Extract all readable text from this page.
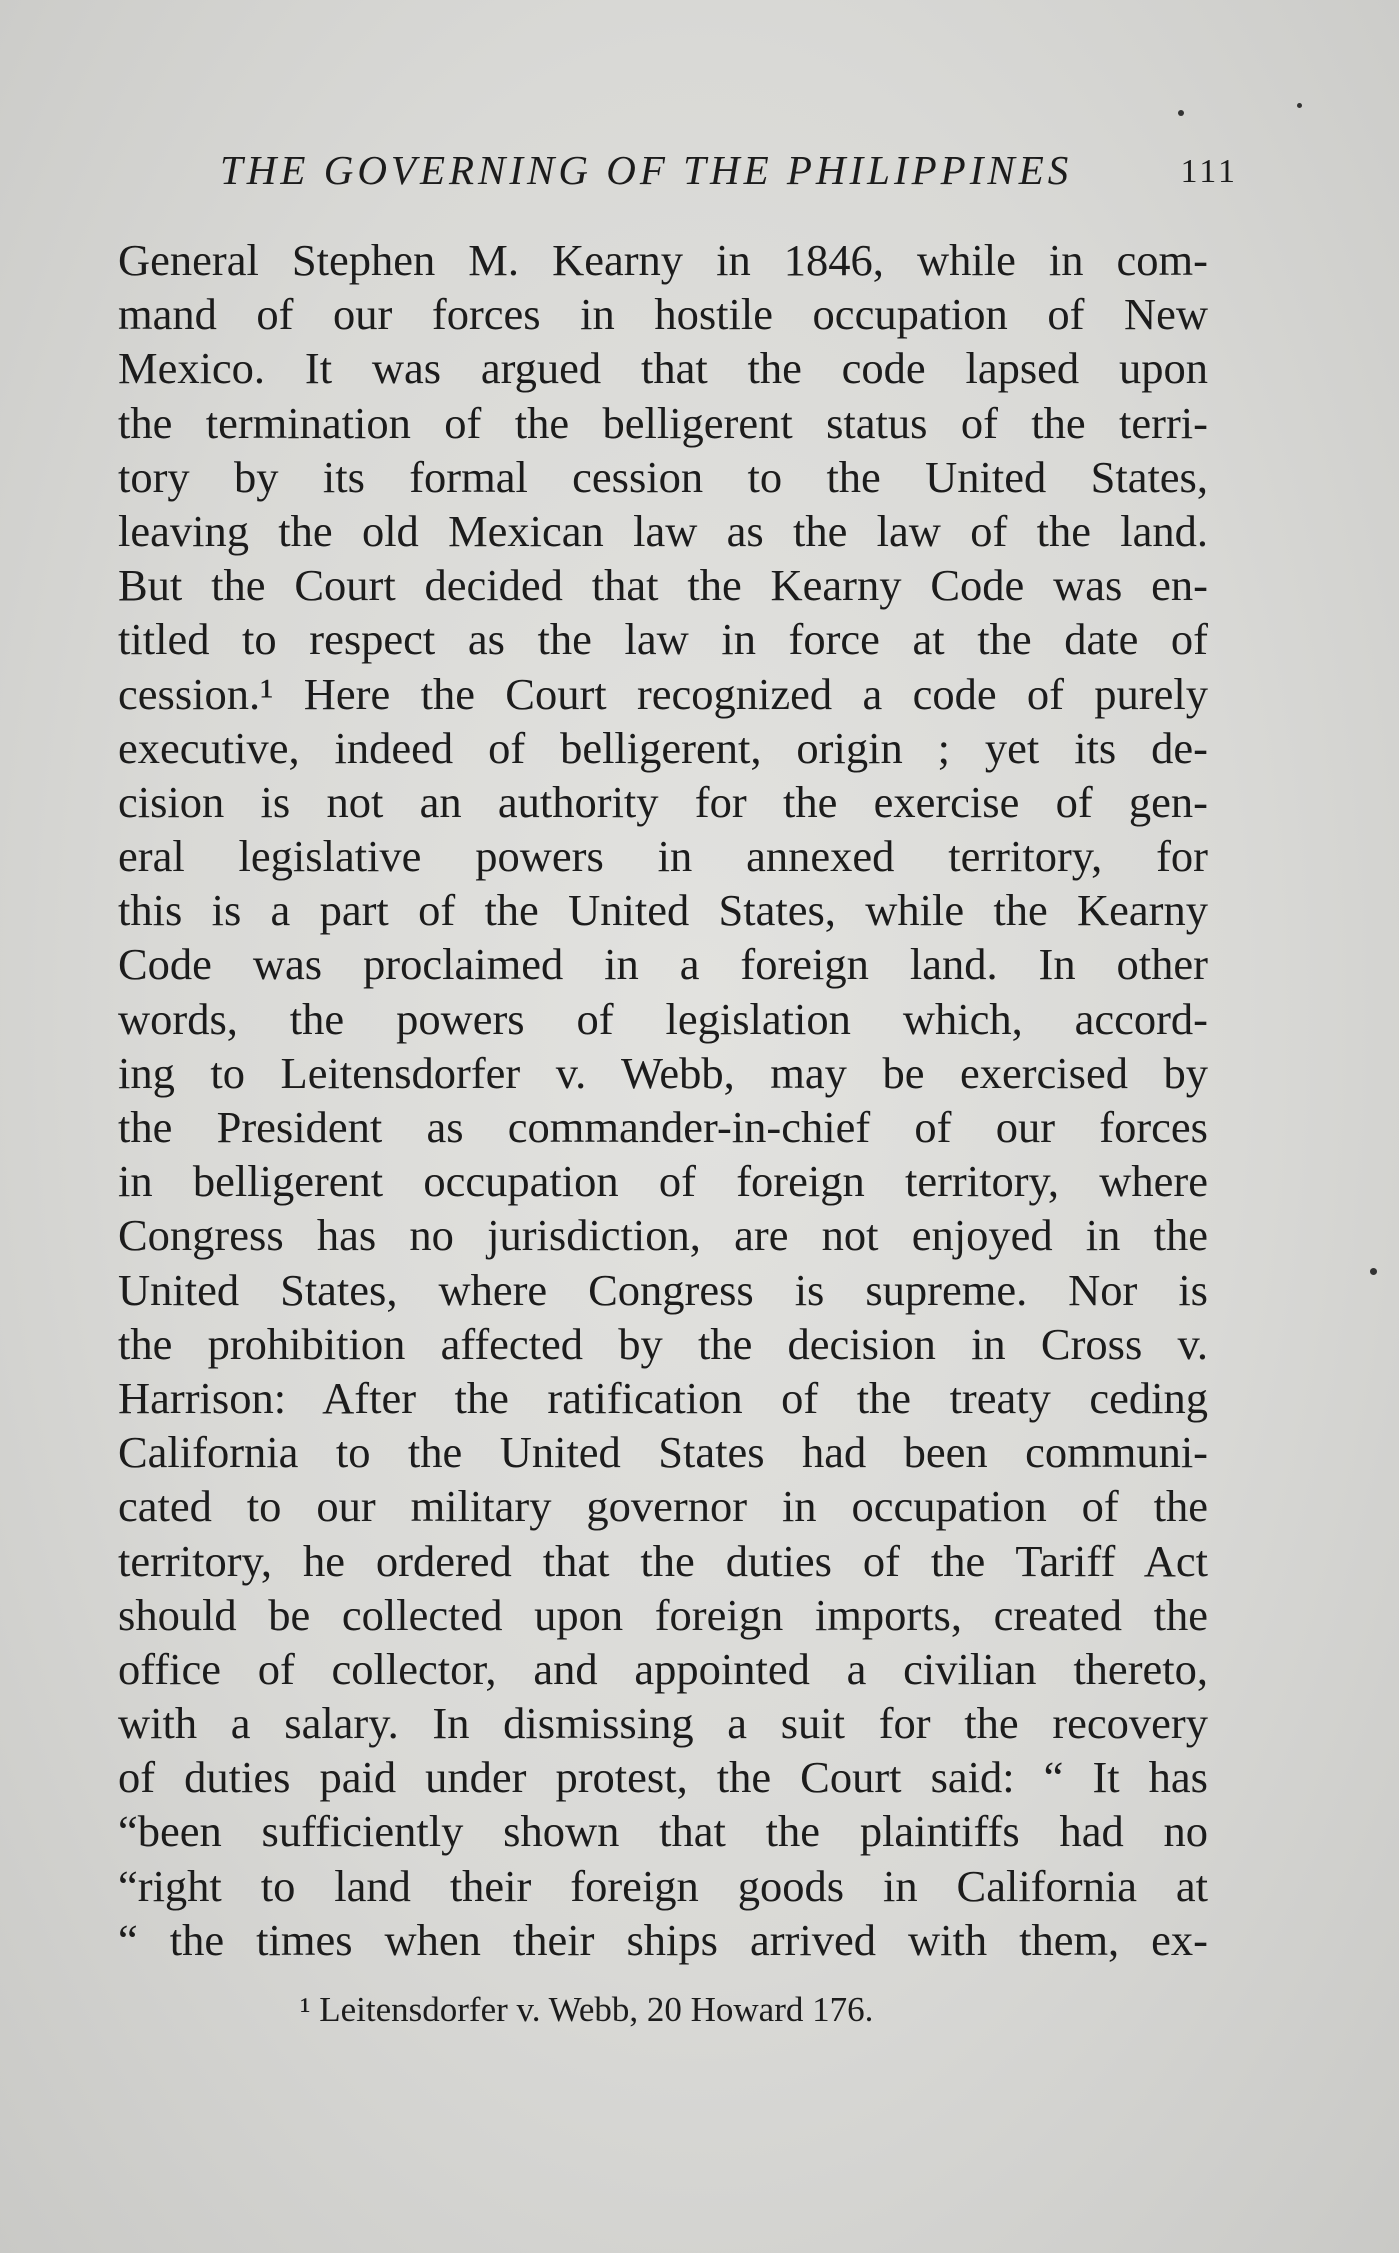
THE GOVERNING OF THE PHILIPPINES	111
General Stephen M. Kearny in 1846, while in com-
mand of our forces in hostile occupation of New
Mexico. It was argued that the code lapsed upon
the termination of the belligerent status of the terri-
tory by its formal cession to the United States,
leaving the old Mexican law as the law of the land.
But the Court decided that the Kearny Code was en-
titled to respect as the law in force at the date of
cession.¹ Here the Court recognized a code of purely
executive, indeed of belligerent, origin ; yet its de-
cision is not an authority for the exercise of gen-
eral legislative powers in annexed territory, for
this is a part of the United States, while the Kearny
Code was proclaimed in a foreign land. In other
words, the powers of legislation which, accord-
ing to Leitensdorfer v. Webb, may be exercised by
the President as commander-in-chief of our forces
in belligerent occupation of foreign territory, where
Congress has no jurisdiction, are not enjoyed in the
United States, where Congress is supreme. Nor is
the prohibition affected by the decision in Cross v.
Harrison: After the ratification of the treaty ceding
California to the United States had been communi-
cated to our military governor in occupation of the
territory, he ordered that the duties of the Tariff Act
should be collected upon foreign imports, created the
office of collector, and appointed a civilian thereto,
with a salary. In dismissing a suit for the recovery
of duties paid under protest, the Court said: “ It has
“been sufficiently shown that the plaintiffs had no
“right to land their foreign goods in California at
“ the times when their ships arrived with them, ex-
¹ Leitensdorfer v. Webb, 20 Howard 176.
